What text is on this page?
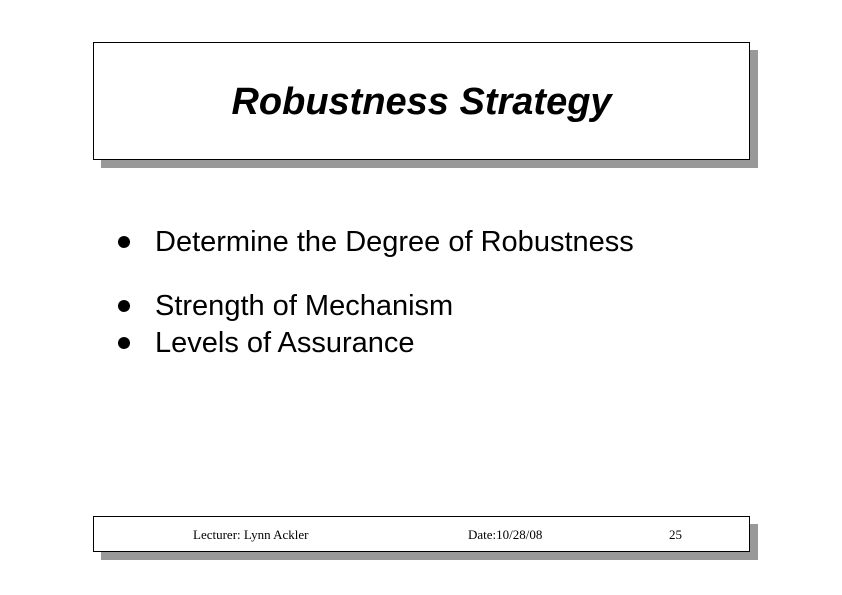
Robustness Strategy
Determine the Degree of Robustness
Strength of Mechanism
Levels of Assurance
Lecturer: Lynn Ackler	Date:10/28/08	25
